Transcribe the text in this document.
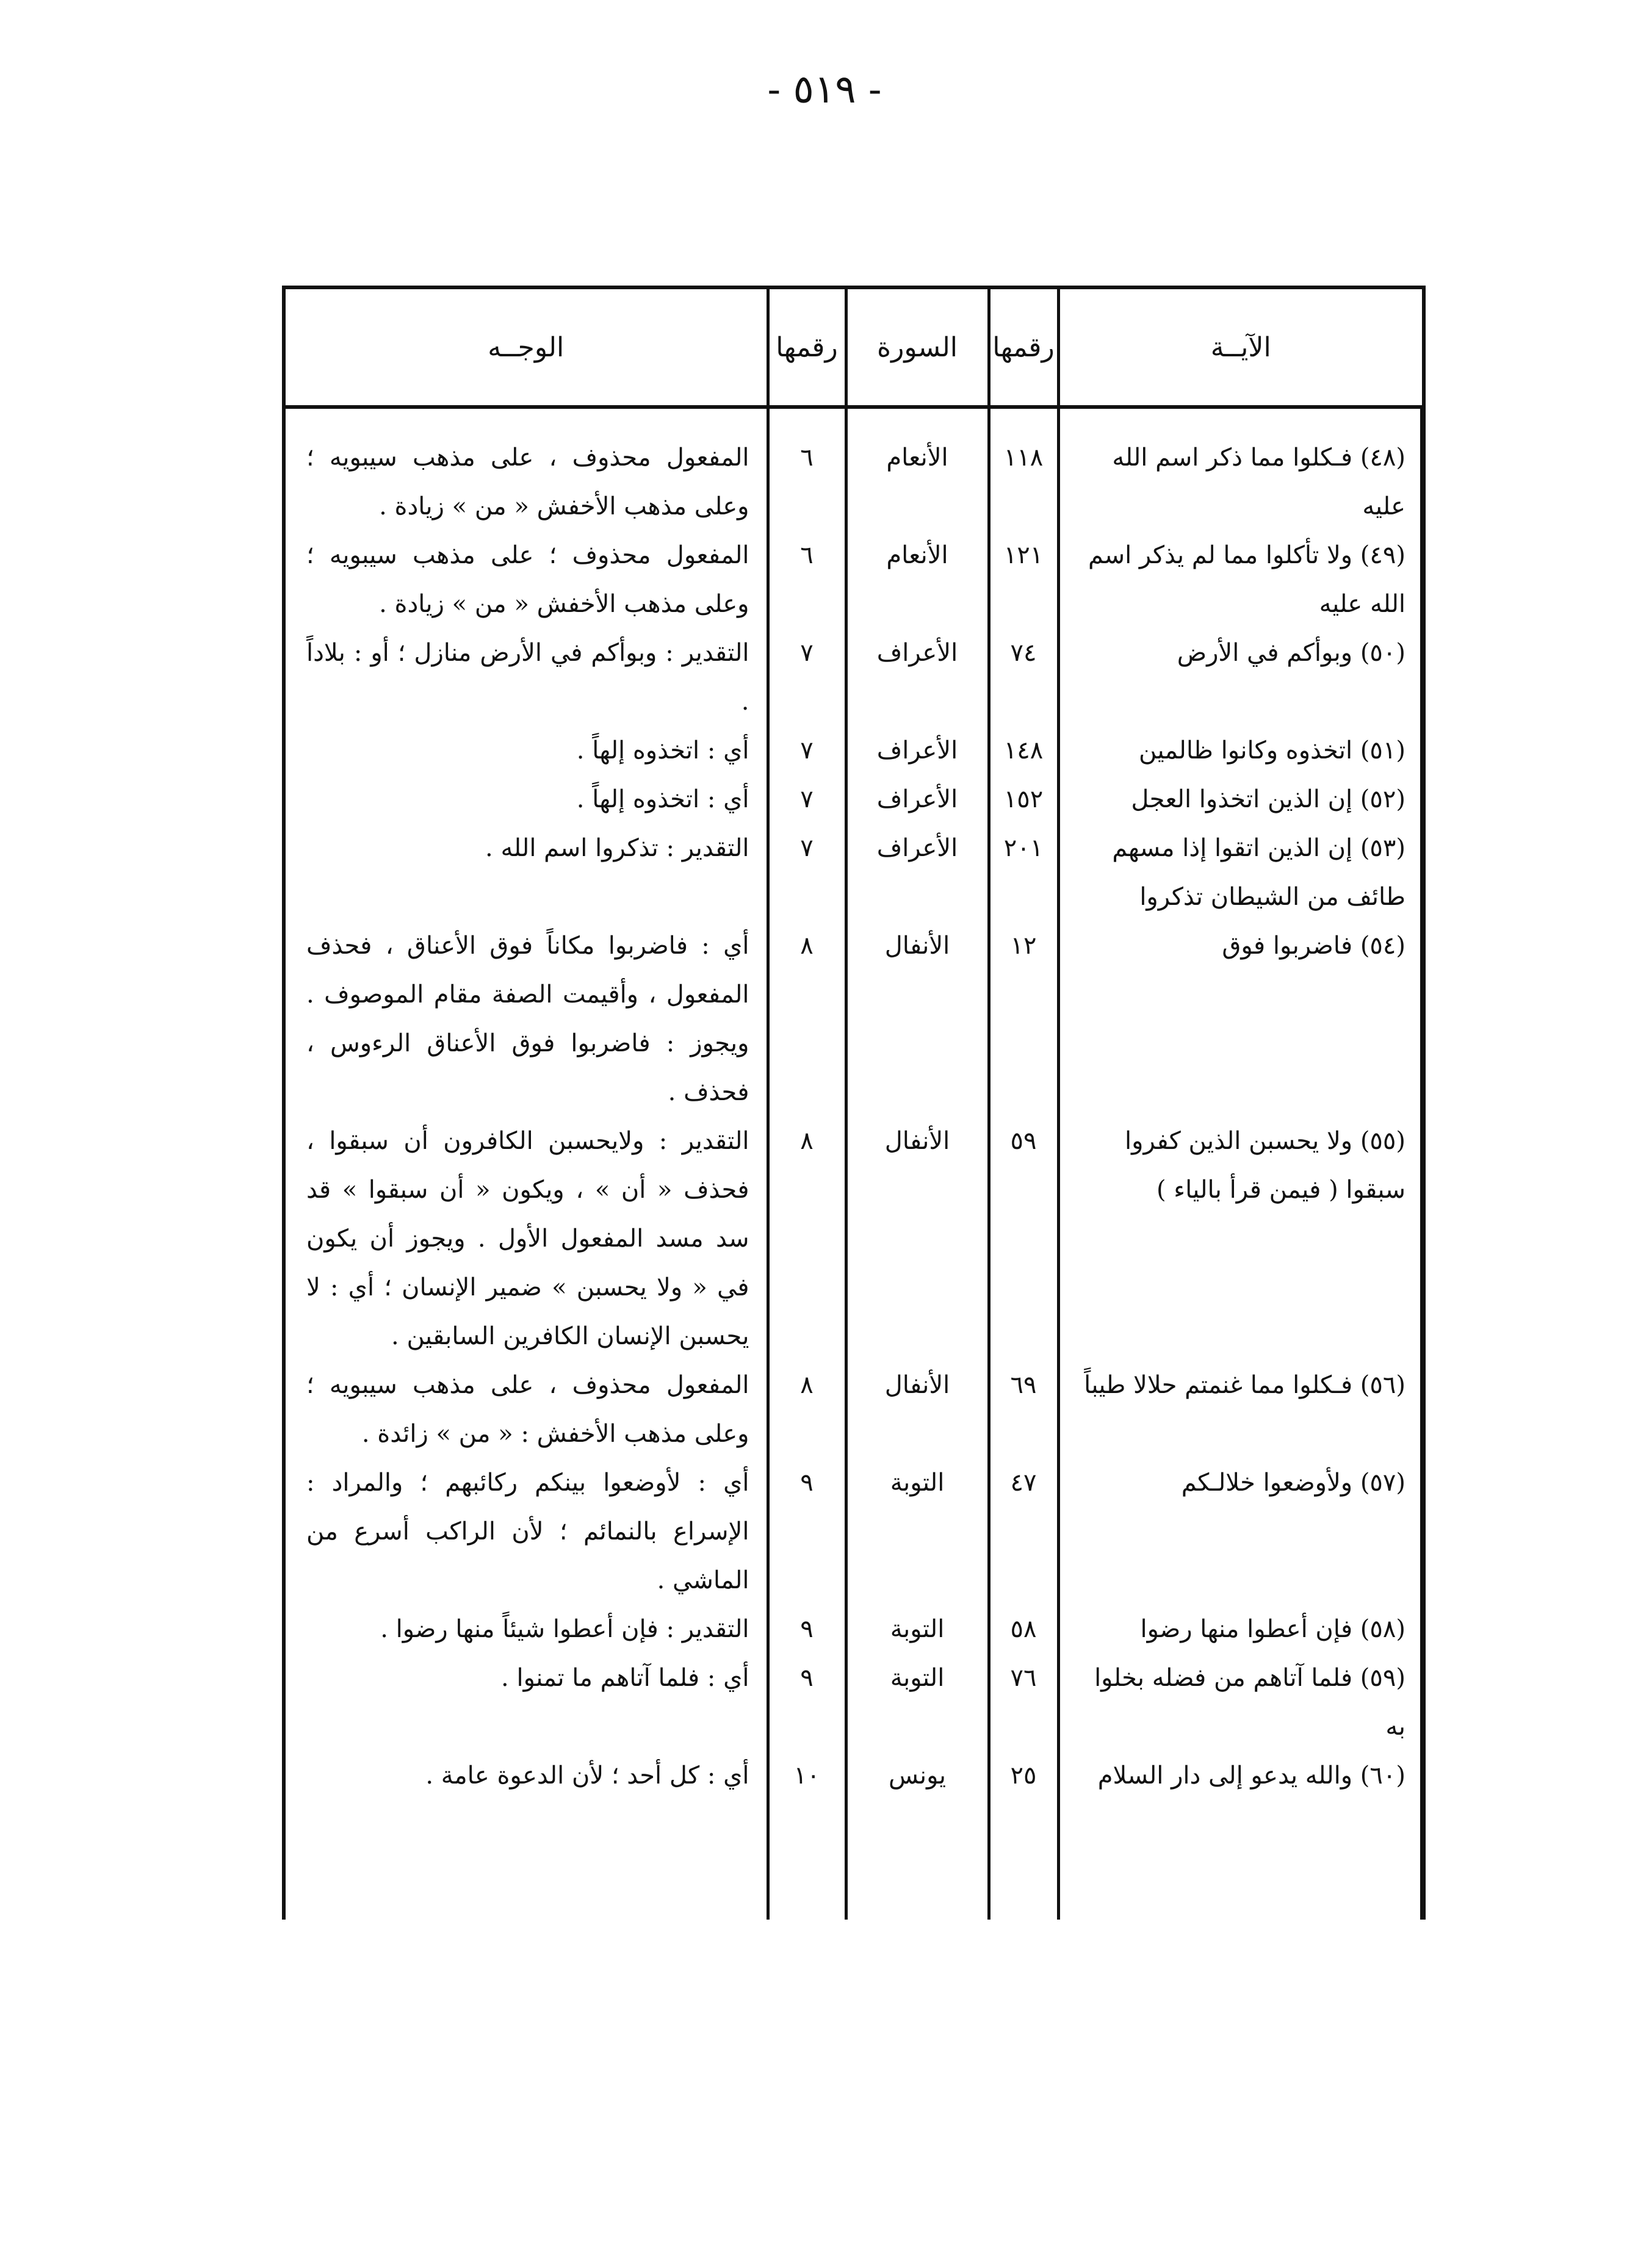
- ٥١٩ -
الآيــة	رقمها	السورة	رقمها	الوجــه

(٤٨) فـكلوا مما ذكر اسم الله عليه	١١٨	الأنعام	٦	المفعول محذوف ، على مذهب سيبويه ؛ وعلى مذهب الأخفش « من » زيادة .

(٤٩) ولا تأكلوا مما لم يذكر اسم الله عليه	١٢١	الأنعام	٦	المفعول محذوف ؛ على مذهب سيبويه ؛ وعلى مذهب الأخفش « من » زيادة .

(٥٠) وبوأكم في الأرض	٧٤	الأعراف	٧	التقدير : وبوأكم في الأرض منازل ؛ أو : بلاداً .

(٥١) اتخذوه وكانوا ظالمين	١٤٨	الأعراف	٧	أي : اتخذوه إلهاً .

(٥٢) إن الذين اتخذوا العجل	١٥٢	الأعراف	٧	أي : اتخذوه إلهاً .

(٥٣) إن الذين اتقوا إذا مسهم طائف من الشيطان تذكروا	٢٠١	الأعراف	٧	التقدير : تذكروا اسم الله .

(٥٤) فاضربوا فوق	١٢	الأنفال	٨	أي : فاضربوا مكاناً فوق الأعناق ، فحذف المفعول ، وأقيمت الصفة مقام الموصوف . ويجوز : فاضربوا فوق الأعناق الرءوس ، فحذف .

(٥٥) ولا يحسبن الذين كفروا سبقوا ( فيمن قرأ بالياء )	٥٩	الأنفال	٨	التقدير : ولايحسبن الكافرون أن سبقوا ، فحذف « أن » ، ويكون « أن سبقوا » قد سد مسد المفعول الأول . ويجوز أن يكون في « ولا يحسبن » ضمير الإنسان ؛ أي : لا يحسبن الإنسان الكافرين السابقين .

(٥٦) فـكلوا مما غنمتم حلالا طيباً	٦٩	الأنفال	٨	المفعول محذوف ، على مذهب سيبويه ؛ وعلى مذهب الأخفش : « من » زائدة .

(٥٧) ولأوضعوا خلالـكم	٤٧	التوبة	٩	أي : لأوضعوا بينكم ركائبهم ؛ والمراد : الإسراع بالنمائم ؛ لأن الراكب أسرع من الماشي .

(٥٨) فإن أعطوا منها رضوا	٥٨	التوبة	٩	التقدير : فإن أعطوا شيئاً منها رضوا .

(٥٩) فلما آتاهم من فضله بخلوا به	٧٦	التوبة	٩	أي : فلما آتاهم ما تمنوا .

(٦٠) والله يدعو إلى دار السلام	٢٥	يونس	١٠	أي : كل أحد ؛ لأن الدعوة عامة .
